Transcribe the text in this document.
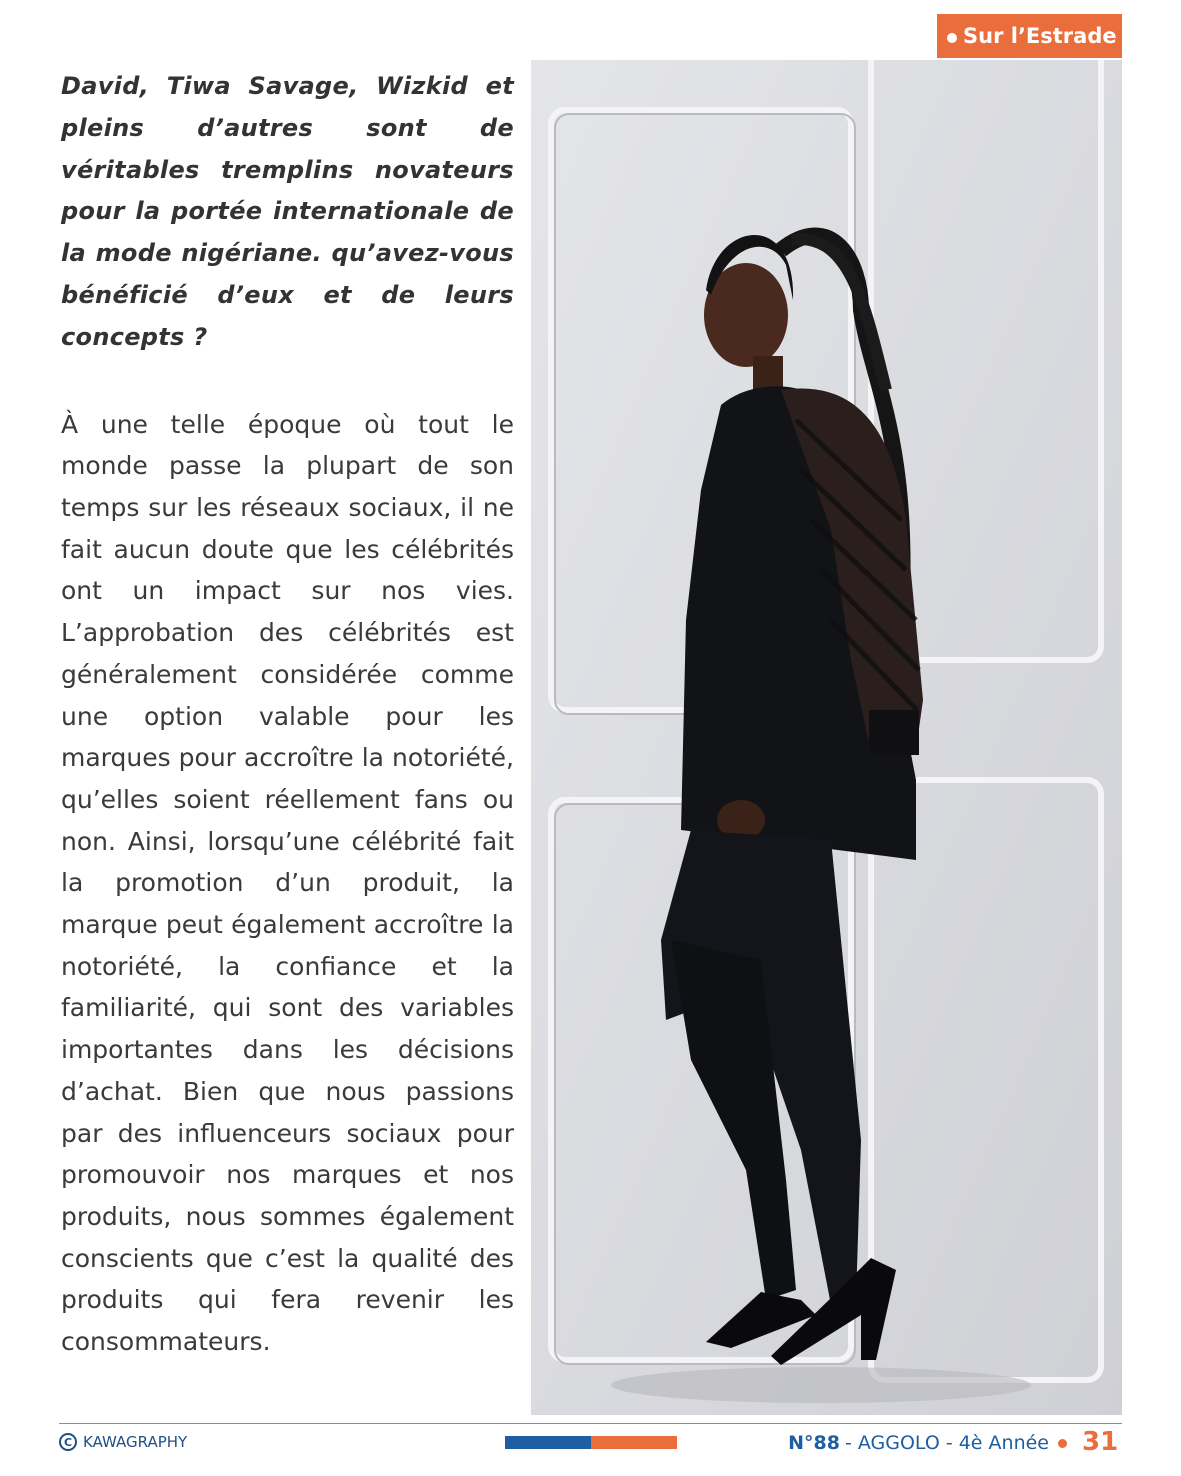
Sur l’Estrade

David, Tiwa Savage, Wizkid et pleins d’autres sont de véritables tremplins novateurs pour la portée internationale de la mode nigériane. qu’avez-vous bénéficié d’eux et de leurs concepts ?

À une telle époque où tout le monde passe la plupart de son temps sur les réseaux sociaux, il ne fait aucun doute que les célébrités ont un impact sur nos vies. L’approbation des célébrités est généralement considérée comme une option valable pour les marques pour accroître la notoriété, qu’elles soient réellement fans ou non. Ainsi, lorsqu’une célébrité fait la promotion d’un produit, la marque peut également accroître la notoriété, la confiance et la familiarité, qui sont des variables importantes dans les décisions d’achat. Bien que nous passions par des influenceurs sociaux pour promouvoir nos marques et nos produits, nous sommes également conscients que c’est la qualité des produits qui fera revenir les consommateurs.

C KAWAGRAPHY	N°88 - AGGOLO - 4è Année 31
